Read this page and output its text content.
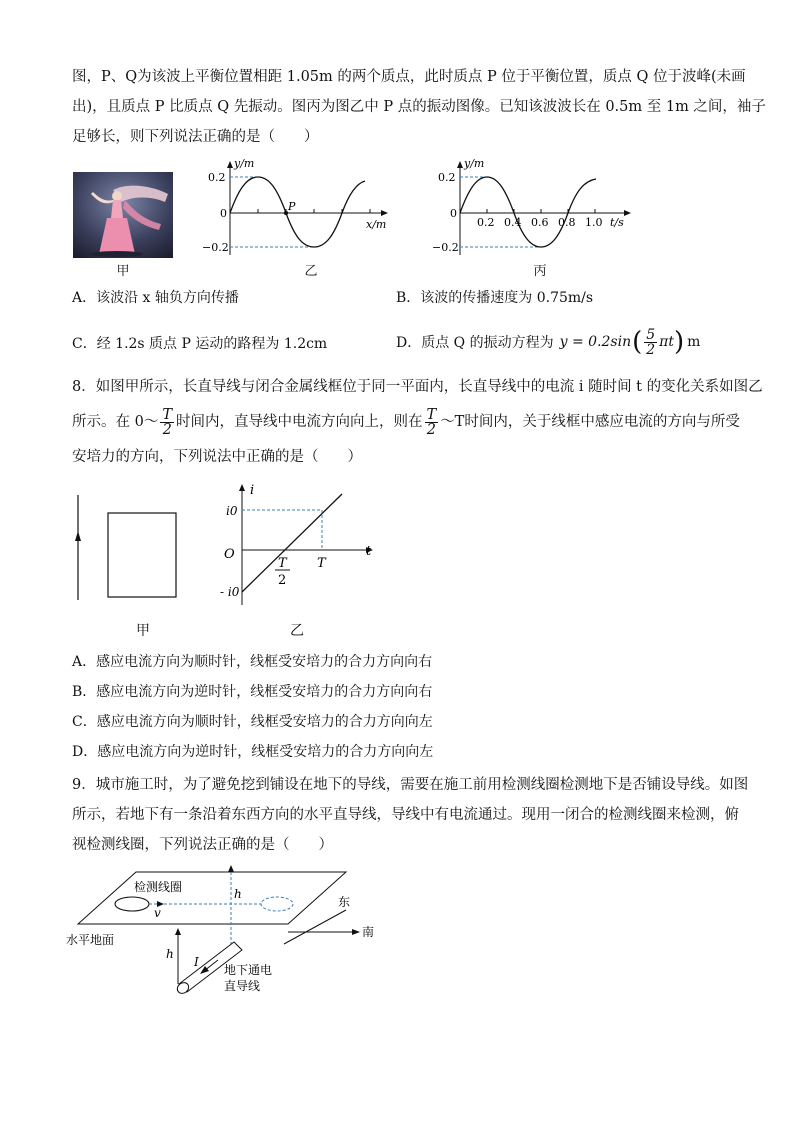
图，P、Q为该波上平衡位置相距 1.05m 的两个质点，此时质点 P 位于平衡位置，质点 Q 位于波峰(未画
出)，且质点 P 比质点 Q 先振动。图丙为图乙中 P 点的振动图像。已知该波波长在 0.5m 至 1m 之间，袖子
足够长，则下列说法正确的是（　　）
甲
y/m
x/m
0
0.2
−0.2
P
乙
y/m
t/s
0
0.2
−0.2
0.2 0.4 0.6 0.8 1.0
丙
A．该波沿 x 轴负方向传播	B．该波的传播速度为 0.75m/s
C．经 1.2s 质点 P 运动的路程为 1.2cm	D．质点 Q 的振动方程为 y = 0.2sin ( $\frac{5}{2}$ πt ) m
8．如图甲所示，长直导线与闭合金属线框位于同一平面内，长直导线中的电流 i 随时间 t 的变化关系如图乙
所示。在 0～ $\frac{T}{2}$ 时间内，直导线中电流方向向上，则在 $\frac{T}{2}$ ～T时间内，关于线框中感应电流的方向与所受
安培力的方向，下列说法中正确的是（　　）
甲
i
t
O
i0
- i0
T
2
T
乙
A．感应电流方向为顺时针，线框受安培力的合力方向向右
B．感应电流方向为逆时针，线框受安培力的合力方向向右
C．感应电流方向为顺时针，线框受安培力的合力方向向左
D．感应电流方向为逆时针，线框受安培力的合力方向向左
9．城市施工时，为了避免挖到铺设在地下的导线，需要在施工前用检测线圈检测地下是否铺设导线。如图
所示，若地下有一条沿着东西方向的水平直导线，导线中有电流通过。现用一闭合的检测线圈来检测，俯
视检测线圈，下列说法正确的是（　　）
检测线圈
v
h
水平地面
东
南
h
I
地下通电
直导线
